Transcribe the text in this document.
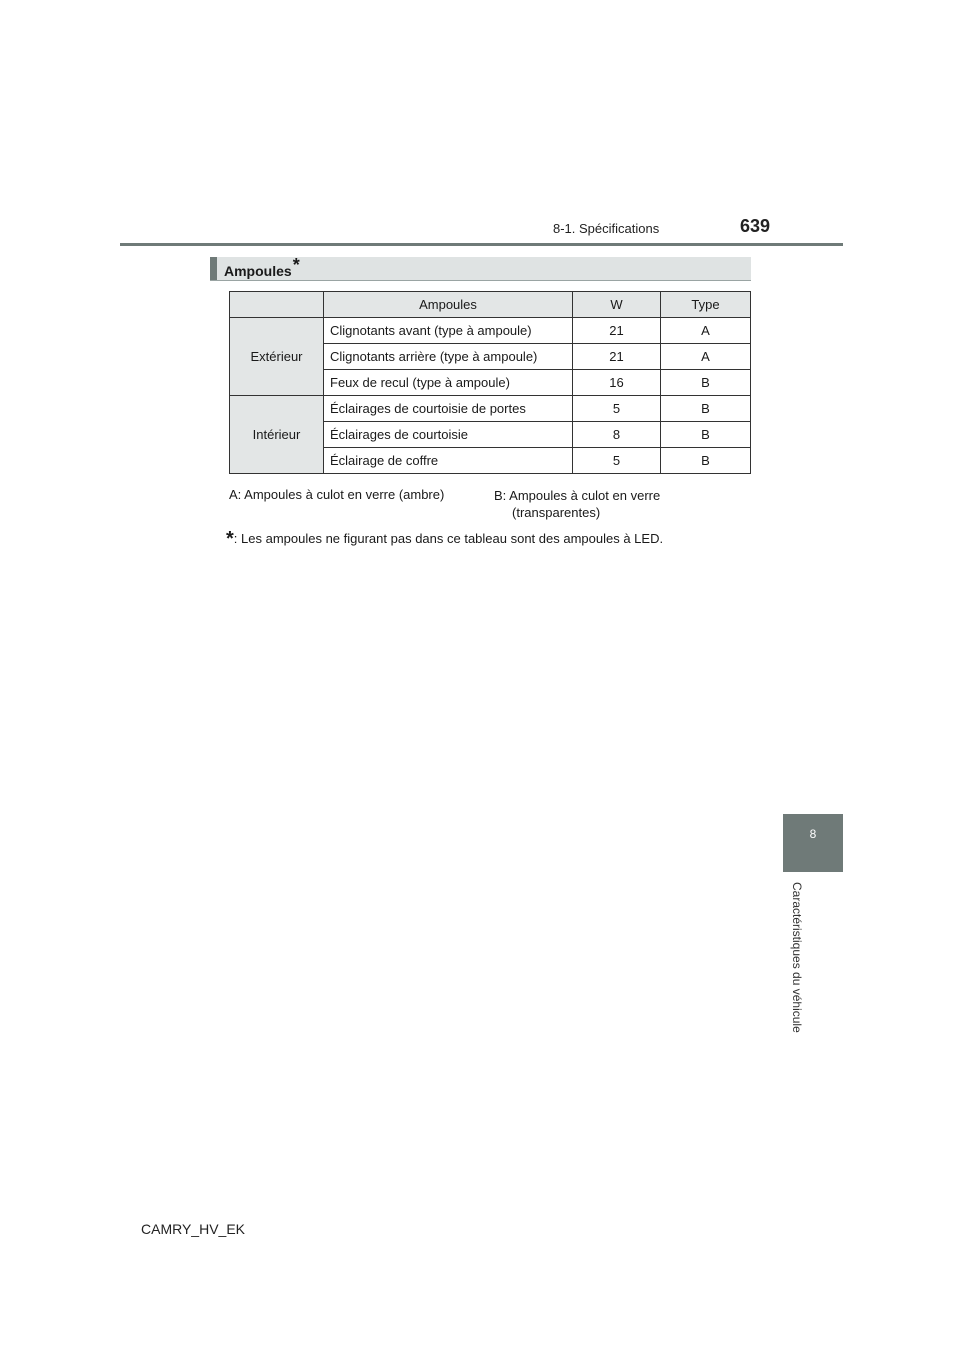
8-1. Spécifications	639
Ampoules*
	Ampoules	W	Type
Extérieur	Clignotants avant (type à ampoule)	21	A
	Clignotants arrière (type à ampoule)	21	A
	Feux de recul (type à ampoule)	16	B
Intérieur	Éclairages de courtoisie de portes	5	B
	Éclairages de courtoisie	8	B
	Éclairage de coffre	5	B
A: Ampoules à culot en verre (ambre)	B: Ampoules à culot en verre
(transparentes)
*: Les ampoules ne figurant pas dans ce tableau sont des ampoules à LED.
8
Caractéristiques du véhicule
CAMRY_HV_EK
